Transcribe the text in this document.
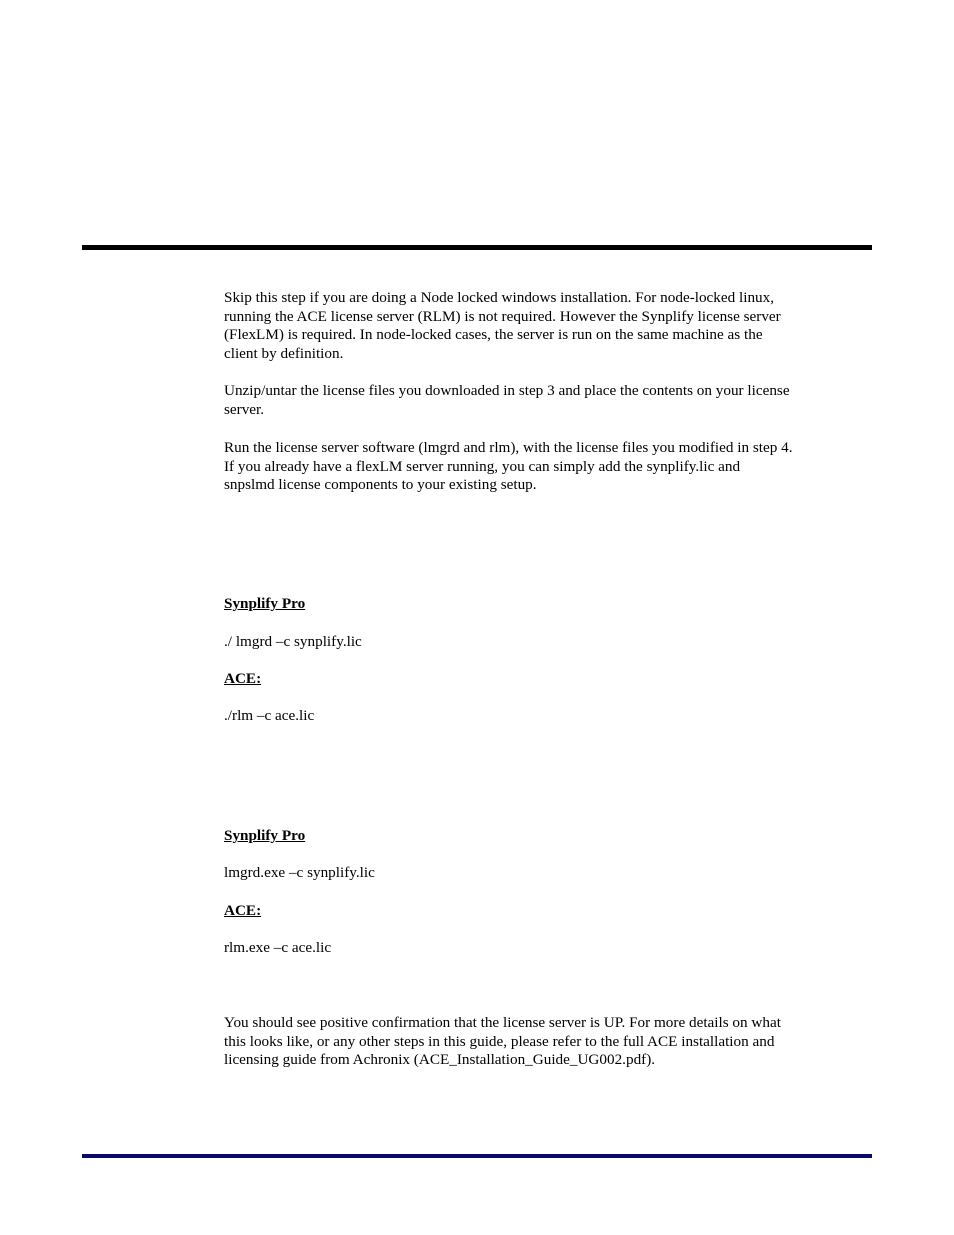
Skip this step if you are doing a Node locked windows installation. For node-locked linux,
running the ACE license server (RLM) is not required. However the Synplify license server
(FlexLM) is required. In node-locked cases, the server is run on the same machine as the
client by definition.

Unzip/untar the license files you downloaded in step 3 and place the contents on your license
server.

Run the license server software (lmgrd and rlm), with the license files you modified in step 4.
If you already have a flexLM server running, you can simply add the synplify.lic and
snpslmd license components to your existing setup.

Synplify Pro

./ lmgrd –c synplify.lic

ACE:

./rlm –c ace.lic

Synplify Pro

lmgrd.exe –c synplify.lic

ACE:

rlm.exe –c ace.lic

You should see positive confirmation that the license server is UP. For more details on what
this looks like, or any other steps in this guide, please refer to the full ACE installation and
licensing guide from Achronix (ACE_Installation_Guide_UG002.pdf).
